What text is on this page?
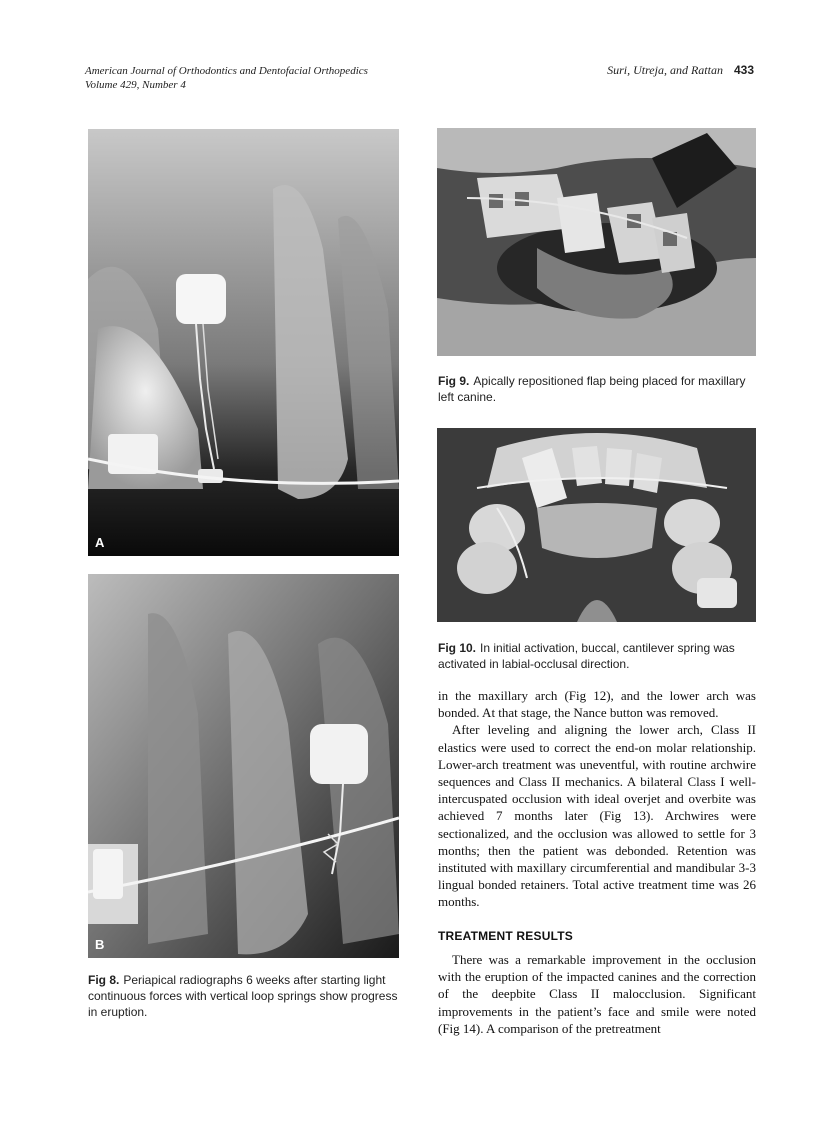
American Journal of Orthodontics and Dentofacial Orthopedics
Volume 429, Number 4
Suri, Utreja, and Rattan 433
A
B
Fig 8. Periapical radiographs 6 weeks after starting light continuous forces with vertical loop springs show progress in eruption.
Fig 9. Apically repositioned flap being placed for maxillary left canine.
Fig 10. In initial activation, buccal, cantilever spring was activated in labial-occlusal direction.

in the maxillary arch (Fig 12), and the lower arch was bonded. At that stage, the Nance button was removed.

After leveling and aligning the lower arch, Class II elastics were used to correct the end-on molar relationship. Lower-arch treatment was uneventful, with routine archwire sequences and Class II mechanics. A bilateral Class I well-intercuspated occlusion with ideal overjet and overbite was achieved 7 months later (Fig 13). Archwires were sectionalized, and the occlusion was allowed to settle for 3 months; then the patient was debonded. Retention was instituted with maxillary circumferential and mandibular 3-3 lingual bonded retainers. Total active treatment time was 26 months.

TREATMENT RESULTS

There was a remarkable improvement in the occlusion with the eruption of the impacted canines and the correction of the deepbite Class II malocclusion. Significant improvements in the patient’s face and smile were noted (Fig 14). A comparison of the pretreatment
